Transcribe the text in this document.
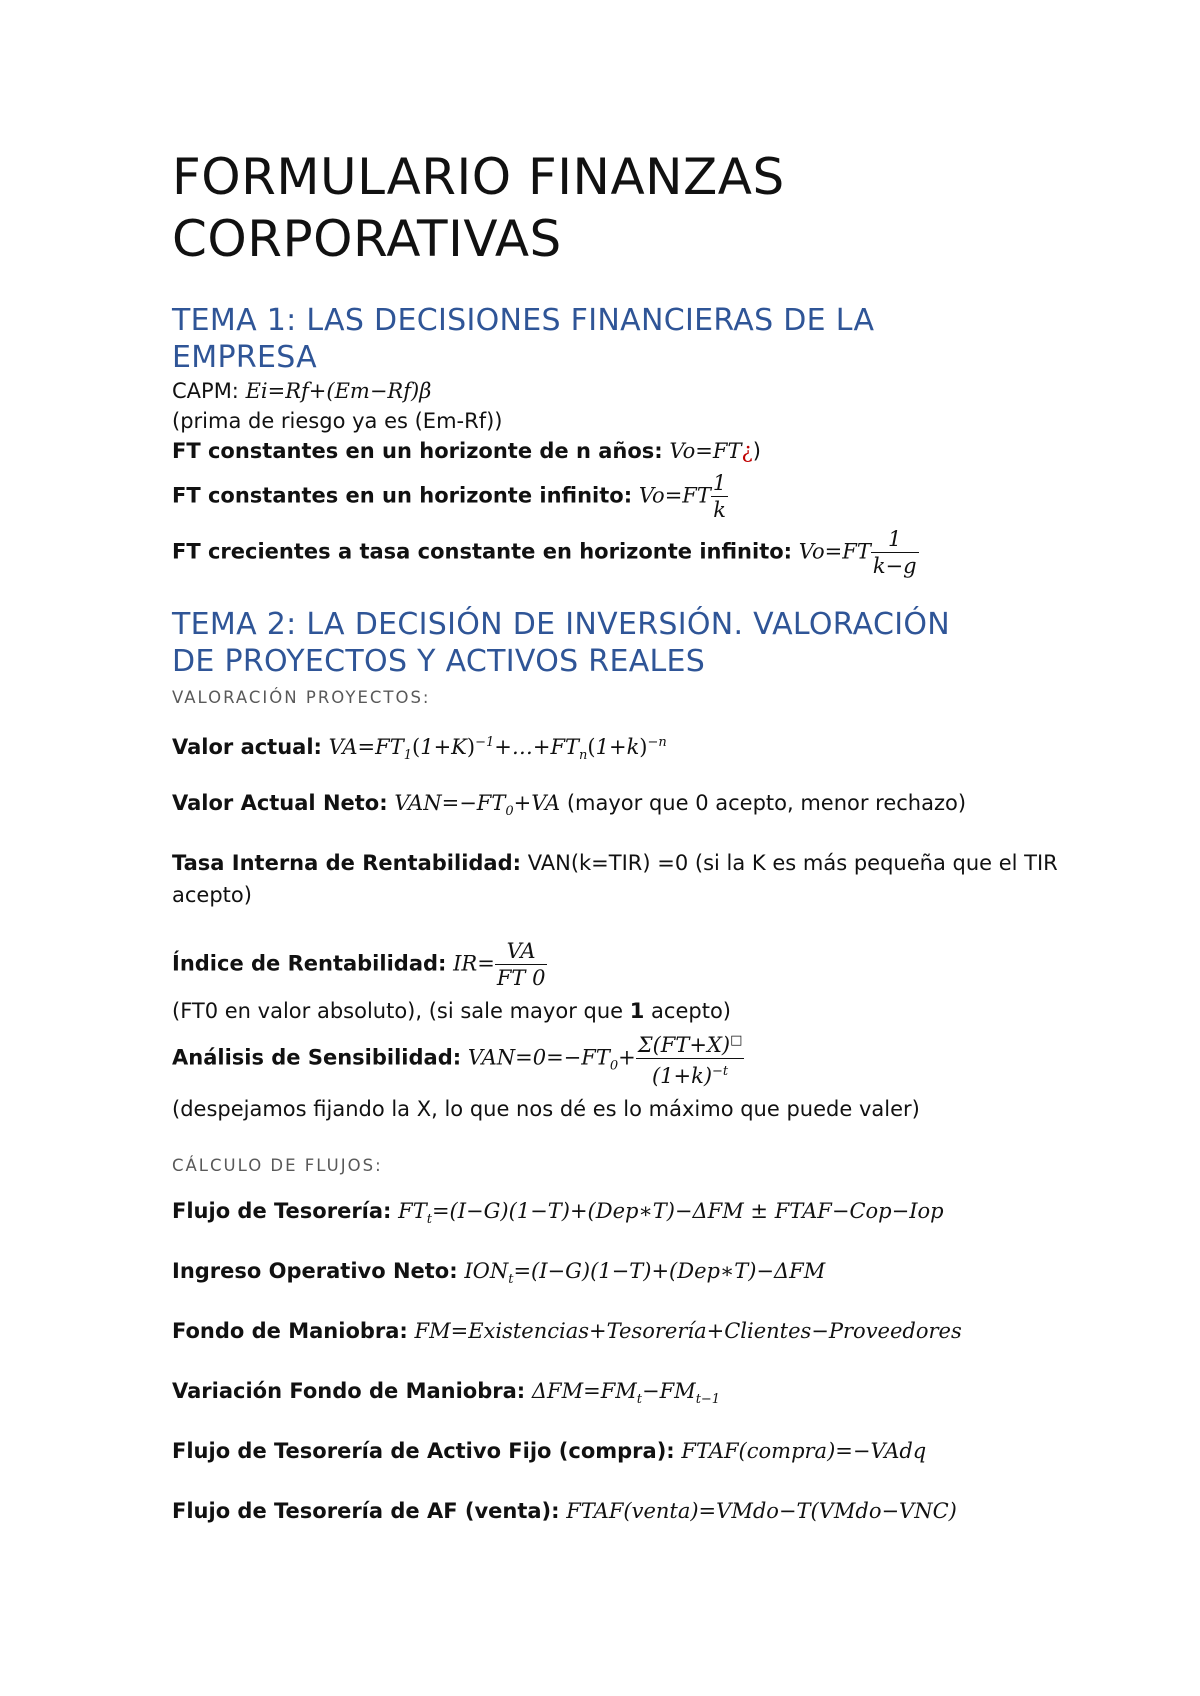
FORMULARIO FINANZAS
CORPORATIVAS
TEMA 1: LAS DECISIONES FINANCIERAS DE LA
EMPRESA
CAPM: Ei=Rf+(Em−Rf)β
(prima de riesgo ya es (Em-Rf))
FT constantes en un horizonte de n años: Vo=FT¿)
FT constantes en un horizonte infinito: $Vo=FT \frac{1}{k}$
FT crecientes a tasa constante en horizonte infinito: $Vo=FT \frac{1}{k-g}$
TEMA 2: LA DECISIÓN DE INVERSIÓN. VALORACIÓN
DE PROYECTOS Y ACTIVOS REALES
VALORACIÓN PROYECTOS:
Valor actual: $VA=FT_1(1+K)^{-1}+\dots+FT_n(1+k)^{-n}$
Valor Actual Neto: $VAN=-FT_0+VA$ (mayor que 0 acepto, menor rechazo)
Tasa Interna de Rentabilidad: VAN(k=TIR) =0 (si la K es más pequeña que el TIR
acepto)
Índice de Rentabilidad: $IR= \frac{VA}{FT 0}$
(FT0 en valor absoluto), (si sale mayor que 1 acepto)
Análisis de Sensibilidad: $VAN=0=-FT_0+ \frac{\Sigma(FT+X)^□}{(1+k)^{-t}}$
(despejamos fijando la X, lo que nos dé es lo máximo que puede valer)
CÁLCULO DE FLUJOS:
Flujo de Tesorería: $FT_t=(I-G)(1-T)+(Dep∗T)-\Delta FM$ ± FTAF−Cop−Iop
Ingreso Operativo Neto: $ION_t=(I-G)(1-T)+(Dep∗T)-\Delta FM$
Fondo de Maniobra: FM=Existencias+Tesorería+Clientes−Proveedores
Variación Fondo de Maniobra: $\Delta FM=FM_t-FM_{t-1}$
Flujo de Tesorería de Activo Fijo (compra): FTAF(compra)=−VAdq
Flujo de Tesorería de AF (venta): FTAF(venta)=VMdo−T(VMdo−VNC)
